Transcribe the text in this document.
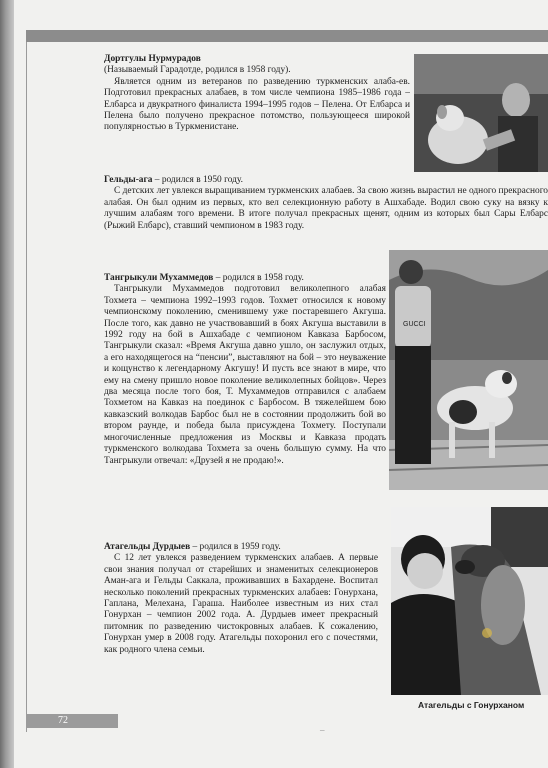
Дортгулы Нурмурадов

(Называемый Гарадотде, родился в 1958 году).

Является одним из ветеранов по разведению туркменских алаба-ев. Подготовил прекрасных алабаев, в том числе чемпиона 1985–1986 года – Елбарса и двукратного финалиста 1994–1995 годов – Пелена. От Елбарса и Пелена было получено прекрасное потомство, пользующееся широкой популярностью в Туркменистане.

Гельды-ага – родился в 1950 году.

С детских лет увлекся выращиванием туркменских алабаев. За свою жизнь вырастил не одного прекрасного алабая. Он был одним из первых, кто вел селекционную работу в Ашхабаде. Водил свою суку на вязку к лучшим алабаям того времени. В итоге получал прекрасных щенят, одним из которых был Сары Елбарс (Рыжий Елбарс), ставший чемпионом в 1983 году.

Тангрыкули Мухаммедов – родился в 1958 году.

Тангрыкули Мухаммедов подготовил великолепного алабая Тохмета – чемпиона 1992–1993 годов. Тохмет относился к новому чемпионскому поколению, сменившему уже постаревшего Акгуша. После того, как давно не участвовавший в боях Акгуша выставили в 1992 году на бой в Ашхабаде с чемпионом Кавказа Барбосом, Тангрыкули сказал: «Время Акгуша давно ушло, он заслужил отдых, а его находящегося на “пенсии”, выставляют на бой – это неуважение и кощунство к легендарному Акгушу! И пусть все знают в мире, что ему на смену пришло новое поколение великолепных бойцов». Через два месяца после того боя, Т. Мухаммедов отправился с алабаем Тохметом на Кавказ на поединок с Барбосом. В тяжелейшем бою кавказский волкодав Барбос был не в состоянии продолжить бой во втором раунде, и победа была присуждена Тохмету. Поступали многочисленные предложения из Москвы и Кавказа продать туркменского волкодава Тохмета за очень большую сумму. На что Тангрыкули отвечал: «Друзей я не продаю!».

GUCCI

Атагельды Дурдыев – родился в 1959 году.

С 12 лет увлекся разведением туркменских алабаев. А первые свои знания получал от старейших и знаменитых селекционеров Аман-ага и Гельды Саккала, проживавших в Бахардене. Воспитал несколько поколений прекрасных туркменских алабаев: Гонурхана, Гаплана, Мелехана, Гараша. Наиболее известным из них стал Гонурхан – чемпион 2002 года. А. Дурдыев имеет прекрасный питомник по разведению чистокровных алабаев. К сожалению, Гонурхан умер в 2008 году. Атагельды похоронил его с почестями, как родного члена семьи.

Атагельды с Гонурханом
–
72
